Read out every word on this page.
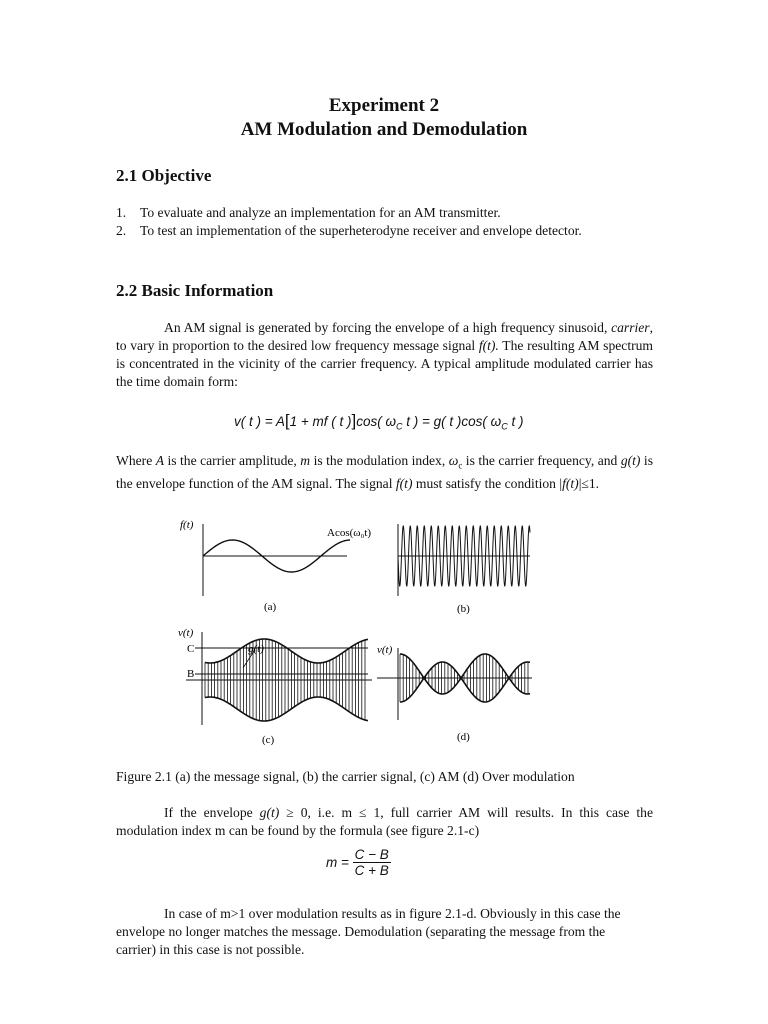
Experiment 2
AM Modulation and Demodulation
2.1 Objective
1. To evaluate and analyze an implementation for an AM transmitter.
2. To test an implementation of the superheterodyne receiver and envelope detector.
2.2 Basic Information
An AM signal is generated by forcing the envelope of a high frequency sinusoid, carrier, to vary in proportion to the desired low frequency message signal f(t). The resulting AM spectrum is concentrated in the vicinity of the carrier frequency. A typical amplitude modulated carrier has the time domain form:
v( t ) = A[1 + mf ( t )]cos( $\omega_C$ t ) = g( t )cos( $\omega_C$ t )
Where A is the carrier amplitude, m is the modulation index, $\omega_c$ is the carrier frequency, and g(t) is the envelope function of the AM signal. The signal f(t) must satisfy the condition |f(t)|≤1.
f(t)
Acos(ω₀t)
(a)	(b)
v(t)
C
B
g(t)	v(t)
(c)	(d)
Figure 2.1 (a) the message signal, (b) the carrier signal, (c) AM (d) Over modulation
If the envelope g(t) ≥ 0, i.e. m ≤ 1, full carrier AM will results. In this case the modulation index m can be found by the formula (see figure 2.1-c)
$m = \frac{C - B}{C + B}$
In case of m>1 over modulation results as in figure 2.1-d. Obviously in this case the envelope no longer matches the message. Demodulation (separating the message from the carrier) in this case is not possible.
